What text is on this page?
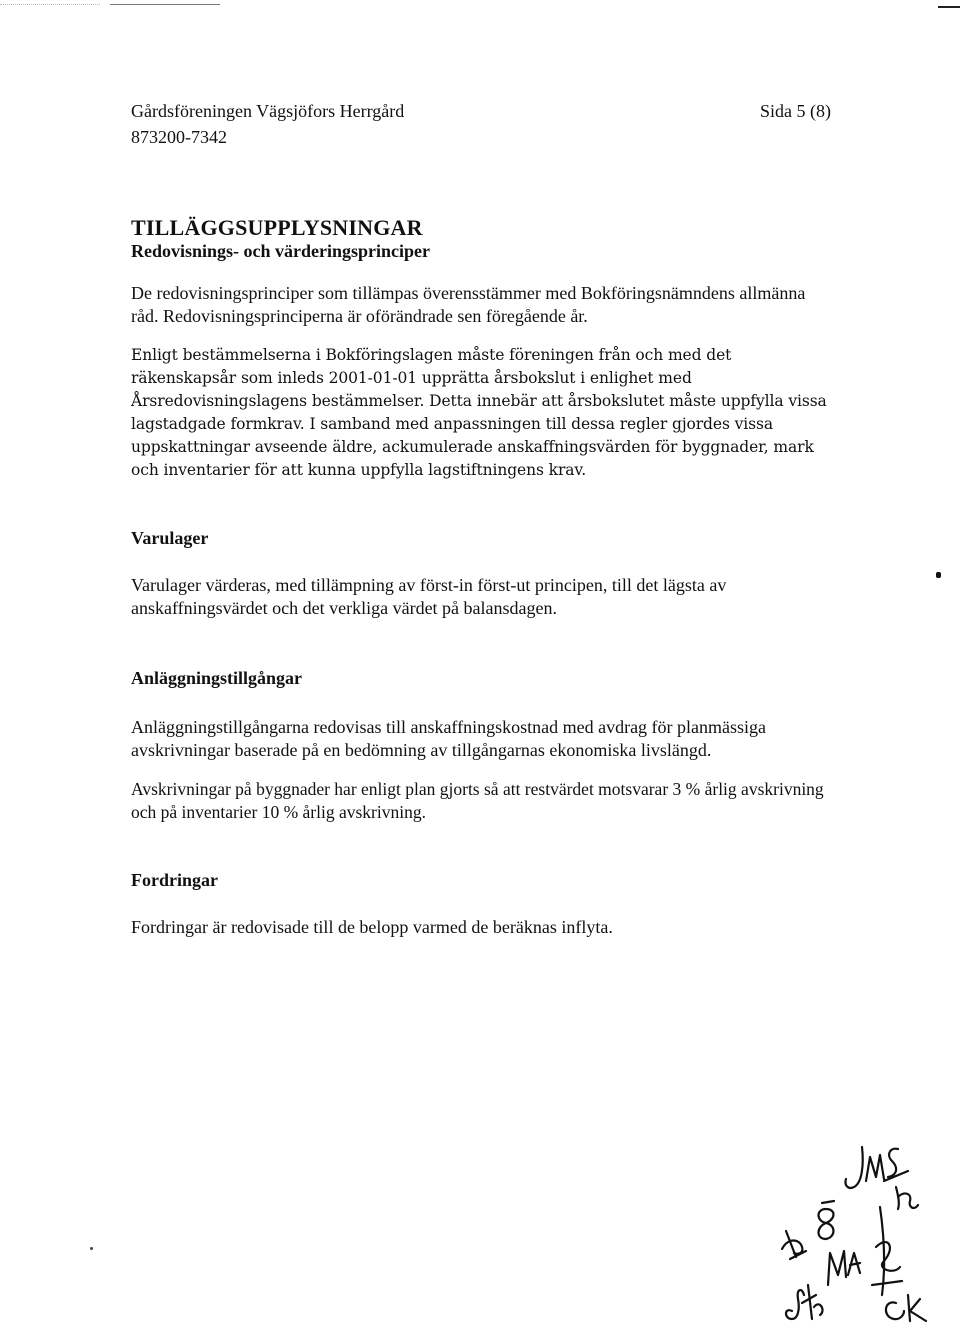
Gårdsföreningen Vägsjöfors Herrgård
873200-7342
Sida 5 (8)
TILLÄGGSUPPLYSNINGAR
Redovisnings- och värderingsprinciper

De redovisningsprinciper som tillämpas överensstämmer med Bokföringsnämndens allmänna råd. Redovisningsprinciperna är oförändrade sen föregående år.

Enligt bestämmelserna i Bokföringslagen måste föreningen från och med det räkenskapsår som inleds 2001-01-01 upprätta årsbokslut i enlighet med Årsredovisningslagens bestämmelser. Detta innebär att årsbokslutet måste uppfylla vissa lagstadgade formkrav. I samband med anpassningen till dessa regler gjordes vissa uppskattningar avseende äldre, ackumulerade anskaffningsvärden för byggnader, mark och inventarier för att kunna uppfylla lagstiftningens krav.

Varulager

Varulager värderas, med tillämpning av först-in först-ut principen, till det lägsta av anskaffningsvärdet och det verkliga värdet på balansdagen.

Anläggningstillgångar

Anläggningstillgångarna redovisas till anskaffningskostnad med avdrag för planmässiga avskrivningar baserade på en bedömning av tillgångarnas ekonomiska livslängd.

Avskrivningar på byggnader har enligt plan gjorts så att restvärdet motsvarar 3 % årlig avskrivning och på inventarier 10 % årlig avskrivning.

Fordringar

Fordringar är redovisade till de belopp varmed de beräknas inflyta.
